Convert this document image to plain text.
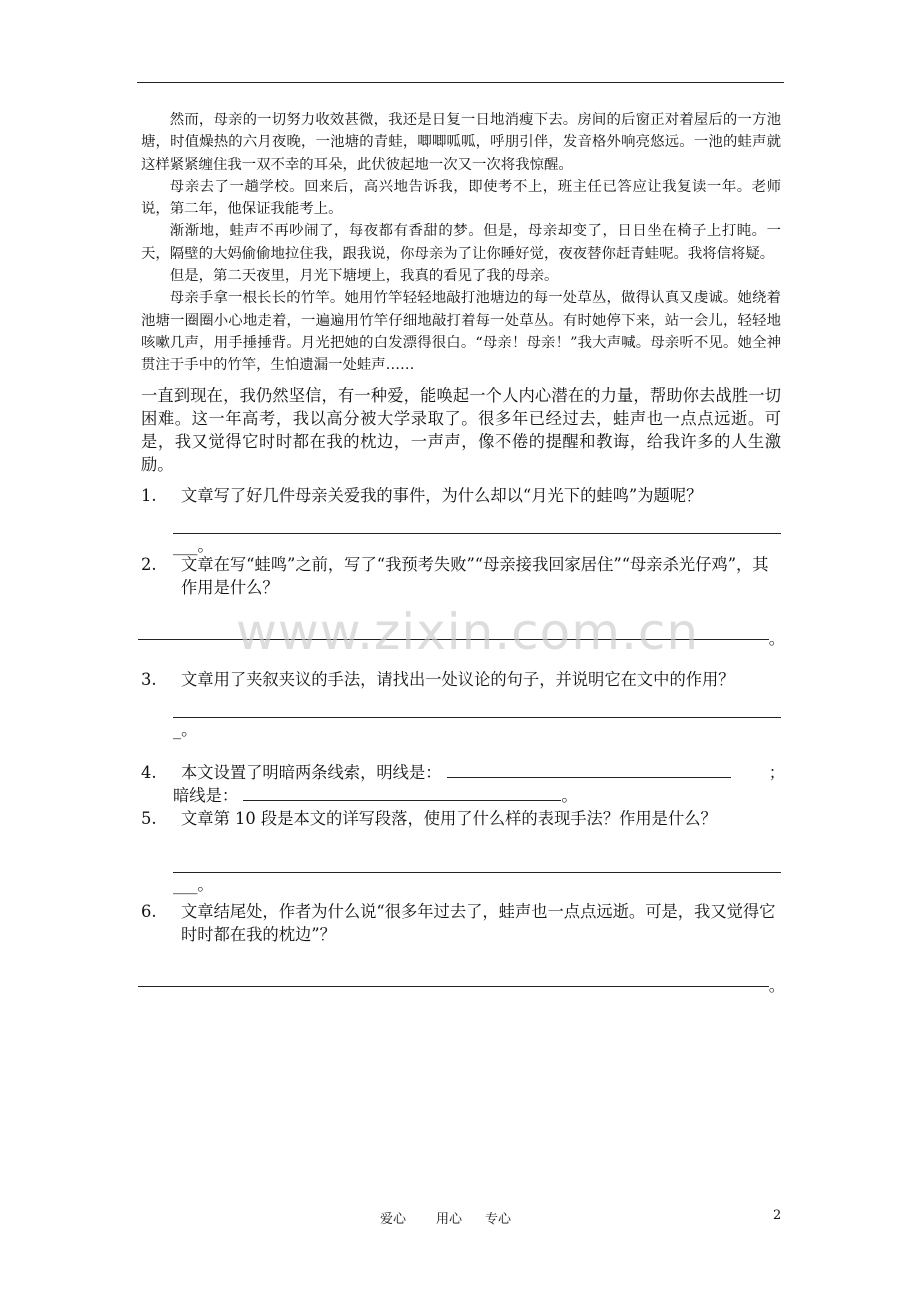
然而，母亲的一切努力收效甚微，我还是日复一日地消瘦下去。房间的后窗正对着屋后的一方池塘，时值燥热的六月夜晚，一池塘的青蛙，唧唧呱呱，呼朋引伴，发音格外响亮悠远。一池的蛙声就这样紧紧缠住我一双不幸的耳朵，此伏彼起地一次又一次将我惊醒。

母亲去了一趟学校。回来后，高兴地告诉我，即使考不上，班主任已答应让我复读一年。老师说，第二年，他保证我能考上。

渐渐地，蛙声不再吵闹了，每夜都有香甜的梦。但是，母亲却变了，日日坐在椅子上打盹。一天，隔壁的大妈偷偷地拉住我，跟我说，你母亲为了让你睡好觉，夜夜替你赶青蛙呢。我将信将疑。

但是，第二天夜里，月光下塘埂上，我真的看见了我的母亲。

母亲手拿一根长长的竹竿。她用竹竿轻轻地敲打池塘边的每一处草丛，做得认真又虔诚。她绕着池塘一圈圈小心地走着，一遍遍用竹竿仔细地敲打着每一处草丛。有时她停下来，站一会儿，轻轻地咳嗽几声，用手捶捶背。月光把她的白发漂得很白。“母亲！母亲！”我大声喊。母亲听不见。她全神贯注于手中的竹竿，生怕遗漏一处蛙声……

一直到现在，我仍然坚信，有一种爱，能唤起一个人内心潜在的力量，帮助你去战胜一切困难。这一年高考，我以高分被大学录取了。很多年已经过去，蛙声也一点点远逝。可是，我又觉得它时时都在我的枕边，一声声，像不倦的提醒和教诲，给我许多的人生激励。
1.	文章写了好几件母亲关爱我的事件，为什么却以“月光下的蛙鸣”为题呢？
___。
2.	文章在写“蛙鸣”之前，写了“我预考失败”“母亲接我回家居住”“母亲杀光仔鸡”，其作用是什么？
。
3.	文章用了夹叙夹议的手法，请找出一处议论的句子，并说明它在文中的作用？
_。
4.	本文设置了明暗两条线索，明线是：	；
暗线是：	。
5.	文章第 10 段是本文的详写段落，使用了什么样的表现手法？作用是什么？
___。
6.	文章结尾处，作者为什么说“很多年过去了，蛙声也一点点远逝。可是，我又觉得它时时都在我的枕边”？
。
www.zixin.com.cn
爱心 用心 专心	2
